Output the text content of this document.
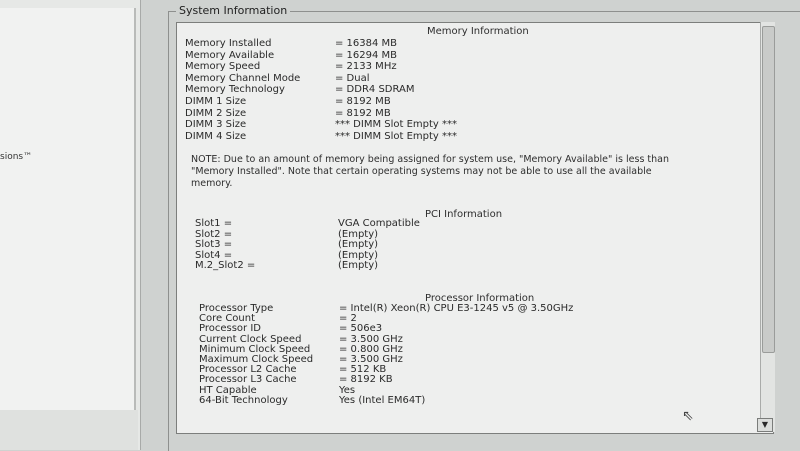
sions™
System Information
Memory Information
Memory Installed	= 16384 MB
Memory Available	= 16294 MB
Memory Speed	= 2133 MHz
Memory Channel Mode	= Dual
Memory Technology	= DDR4 SDRAM
DIMM 1 Size	= 8192 MB
DIMM 2 Size	= 8192 MB
DIMM 3 Size	*** DIMM Slot Empty ***
DIMM 4 Size	*** DIMM Slot Empty ***
NOTE: Due to an amount of memory being assigned for system use, "Memory Available" is less than "Memory Installed". Note that certain operating systems may not be able to use all the available memory.
PCI Information
Slot1 =	VGA Compatible
Slot2 =	(Empty)
Slot3 =	(Empty)
Slot4 =	(Empty)
M.2_Slot2 =	(Empty)
Processor Information
Processor Type	= Intel(R) Xeon(R) CPU E3-1245 v5 @ 3.50GHz
Core Count	= 2
Processor ID	= 506e3
Current Clock Speed	= 3.500 GHz
Minimum Clock Speed	= 0.800 GHz
Maximum Clock Speed	= 3.500 GHz
Processor L2 Cache	= 512 KB
Processor L3 Cache	= 8192 KB
HT Capable	Yes
64-Bit Technology	Yes (Intel EM64T)
▼
⇖
